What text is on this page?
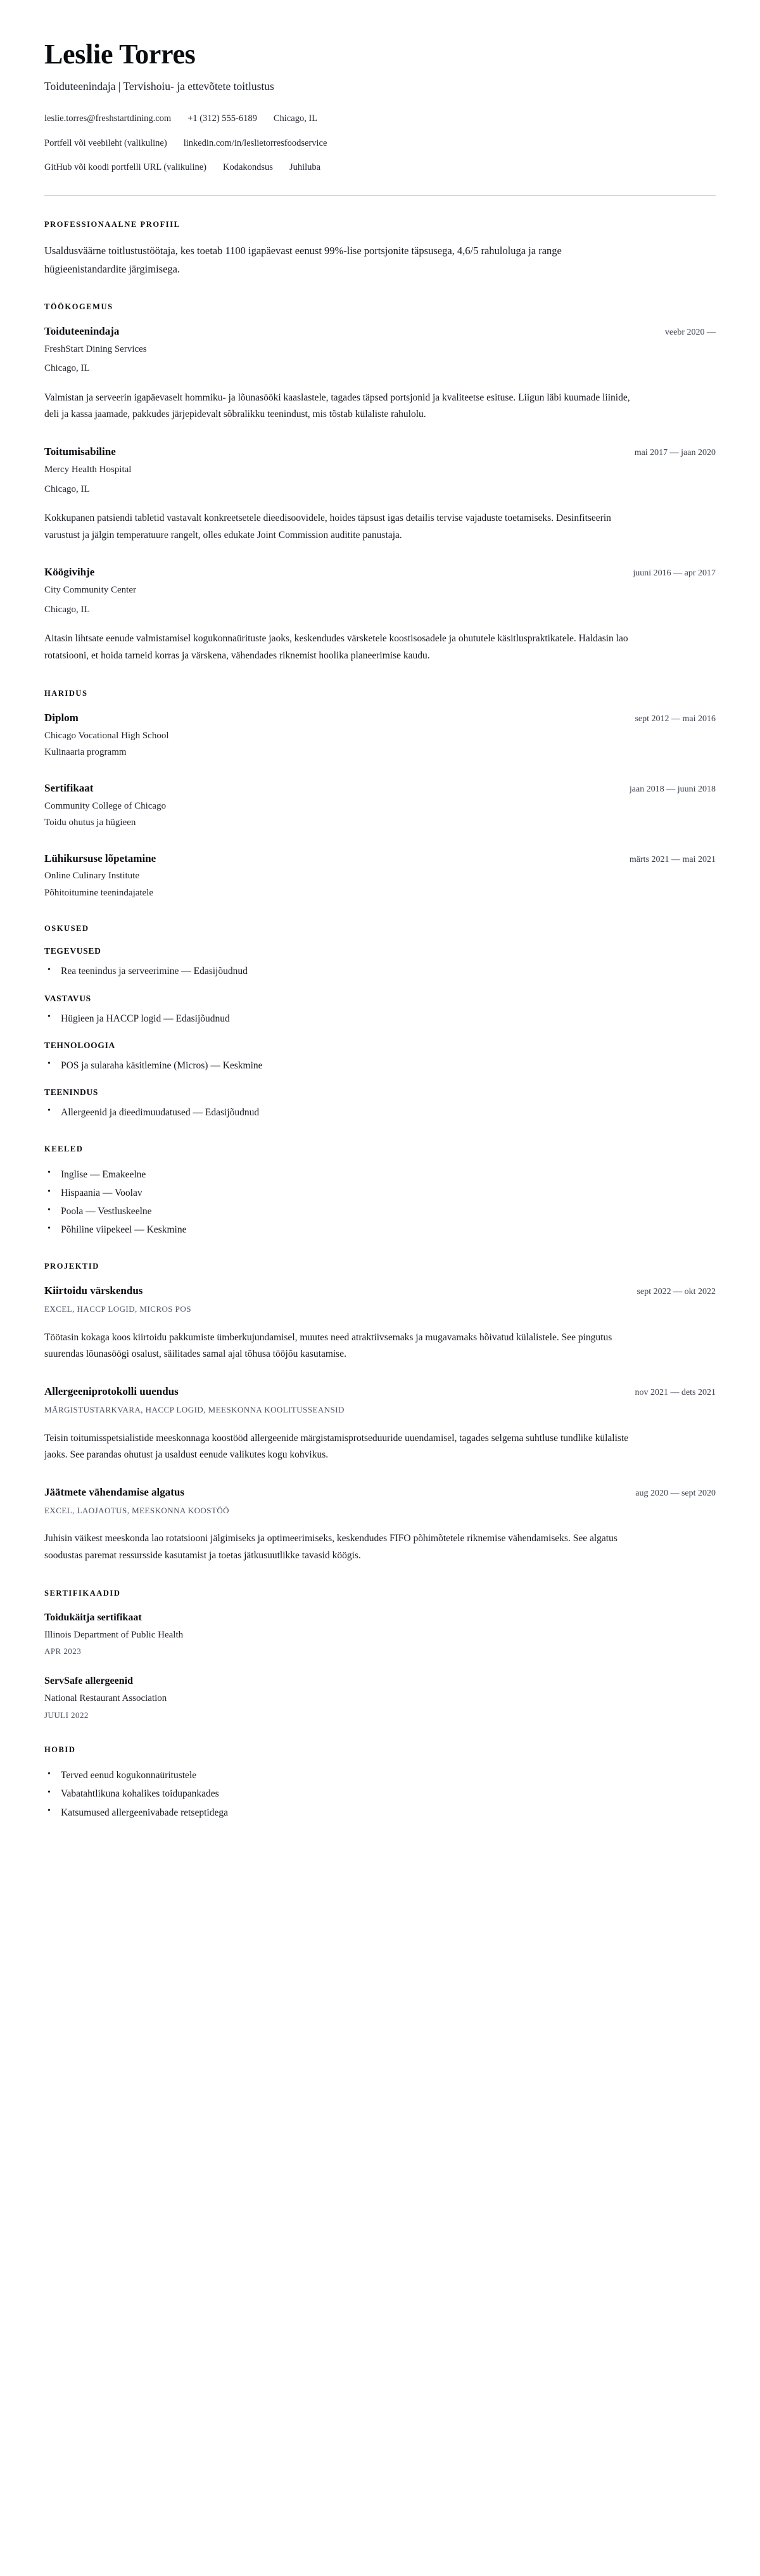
Leslie Torres
Toiduteenindaja | Tervishoiu- ja ettevõtete toitlustus
leslie.torres@freshstartdining.com +1 (312) 555-6189 Chicago, IL
Portfell või veebileht (valikuline) linkedin.com/in/leslietorresfoodservice
GitHub või koodi portfelli URL (valikuline) Kodakondsus Juhiluba
PROFESSIONAALNE PROFIIL

Usaldusväärne toitlustustöötaja, kes toetab 1100 igapäevast eenust 99%-lise portsjonite täpsusega, 4,6/5 rahuloluga ja range hügieenistandardite järgimisega.

TÖÖKOGEMUS
Toiduteenindaja	veebr 2020 —

FreshStart Dining Services

Chicago, IL

Valmistan ja serveerin igapäevaselt hommiku- ja lõunasööki kaaslastele, tagades täpsed portsjonid ja kvaliteetse esituse. Liigun läbi kuumade liinide, deli ja kassa jaamade, pakkudes järjepidevalt sõbralikku teenindust, mis tõstab külaliste rahulolu.

Toitumisabiline	mai 2017 — jaan 2020

Mercy Health Hospital

Chicago, IL

Kokkupanen patsiendi tabletid vastavalt konkreetsetele dieedisoovidele, hoides täpsust igas detailis tervise vajaduste toetamiseks. Desinfitseerin varustust ja jälgin temperatuure rangelt, olles edukate Joint Commission auditite panustaja.

Köögivihje	juuni 2016 — apr 2017

City Community Center

Chicago, IL

Aitasin lihtsate eenude valmistamisel kogukonnaürituste jaoks, keskendudes värsketele koostisosadele ja ohututele käsitluspraktikatele. Haldasin lao rotatsiooni, et hoida tarneid korras ja värskena, vähendades riknemist hoolika planeerimise kaudu.

HARIDUS
Diplom	sept 2012 — mai 2016

Chicago Vocational High School

Kulinaaria programm

Sertifikaat	jaan 2018 — juuni 2018

Community College of Chicago

Toidu ohutus ja hügieen

Lühikursuse lõpetamine	märts 2021 — mai 2021

Online Culinary Institute

Põhitoitumine teenindajatele

OSKUSED
TEGEVUSED
• Rea teenindus ja serveerimine — Edasijõudnud
VASTAVUS
• Hügieen ja HACCP logid — Edasijõudnud
TEHNOLOOGIA
• POS ja sularaha käsitlemine (Micros) — Keskmine
TEENINDUS
• Allergeenid ja dieedimuudatused — Edasijõudnud
KEELED
• Inglise — Emakeelne
• Hispaania — Voolav
• Poola — Vestluskeelne
• Põhiline viipekeel — Keskmine
PROJEKTID
Kiirtoidu värskendus	sept 2022 — okt 2022

EXCEL, HACCP LOGID, MICROS POS

Töötasin kokaga koos kiirtoidu pakkumiste ümberkujundamisel, muutes need atraktiivsemaks ja mugavamaks hõivatud külalistele. See pingutus suurendas lõunasöögi osalust, säilitades samal ajal tõhusa tööjõu kasutamise.

Allergeeniprotokolli uuendus	nov 2021 — dets 2021

MÄRGISTUSTARKVARA, HACCP LOGID, MEESKONNA KOOLITUSSEANSID

Teisin toitumisspetsialistide meeskonnaga koostööd allergeenide märgistamisprotseduuride uuendamisel, tagades selgema suhtluse tundlike külaliste jaoks. See parandas ohutust ja usaldust eenude valikutes kogu kohvikus.

Jäätmete vähendamise algatus	aug 2020 — sept 2020

EXCEL, LAOJAOTUS, MEESKONNA KOOSTÖÖ

Juhisin väikest meeskonda lao rotatsiooni jälgimiseks ja optimeerimiseks, keskendudes FIFO põhimõtetele riknemise vähendamiseks. See algatus soodustas paremat ressursside kasutamist ja toetas jätkusuutlikke tavasid köögis.

SERTIFIKAADID
Toidukäitja sertifikaat

Illinois Department of Public Health

APR 2023

ServSafe allergeenid

National Restaurant Association

JUULI 2022

HOBID
• Terved eenud kogukonnaüritustele
• Vabatahtlikuna kohalikes toidupankades
• Katsumused allergeenivabade retseptidega
